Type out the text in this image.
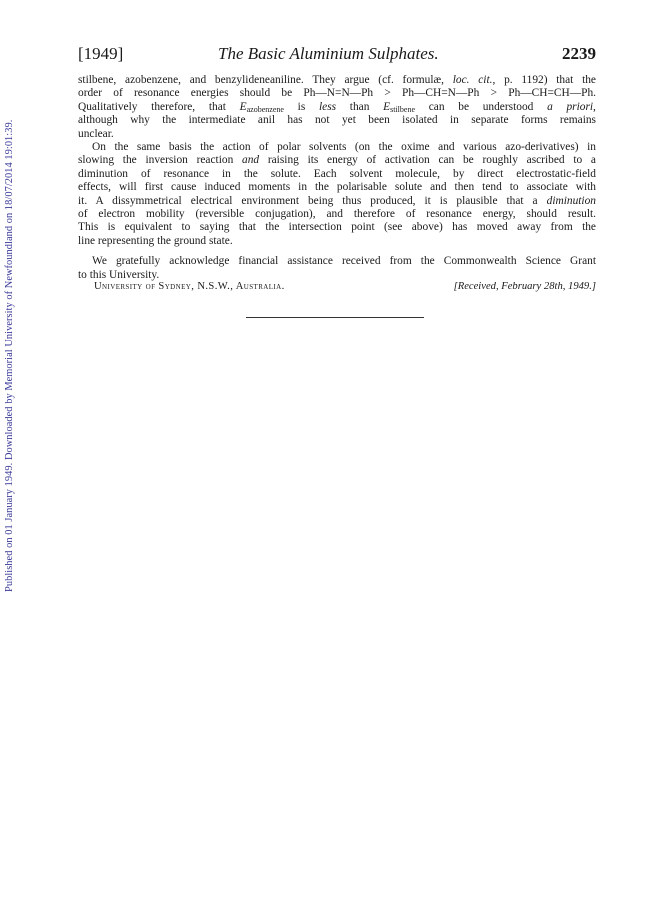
Published on 01 January 1949. Downloaded by Memorial University of Newfoundland on 18/07/2014 19:01:39.
[1949]	The Basic Aluminium Sulphates.	2239
stilbene, azobenzene, and benzylideneaniline. They argue (cf. formulæ, loc. cit., p. 1192) that the
order of resonance energies should be Ph—N=N—Ph > Ph—CH=N—Ph > Ph—CH=CH—Ph.
Qualitatively therefore, that $E_{azobenzene}$ is less than $E_{stilbene}$ can be understood a priori,
although why the intermediate anil has not yet been isolated in separate forms remains
unclear.
On the same basis the action of polar solvents (on the oxime and various azo-derivatives) in
slowing the inversion reaction and raising its energy of activation can be roughly ascribed to a
diminution of resonance in the solute. Each solvent molecule, by direct electrostatic-field
effects, will first cause induced moments in the polarisable solute and then tend to associate with
it. A dissymmetrical electrical environment being thus produced, it is plausible that a diminution
of electron mobility (reversible conjugation), and therefore of resonance energy, should result.
This is equivalent to saying that the intersection point (see above) has moved away from the
line representing the ground state.
We gratefully acknowledge financial assistance received from the Commonwealth Science Grant
to this University.
University of Sydney, N.S.W., Australia.	[Received, February 28th, 1949.]
